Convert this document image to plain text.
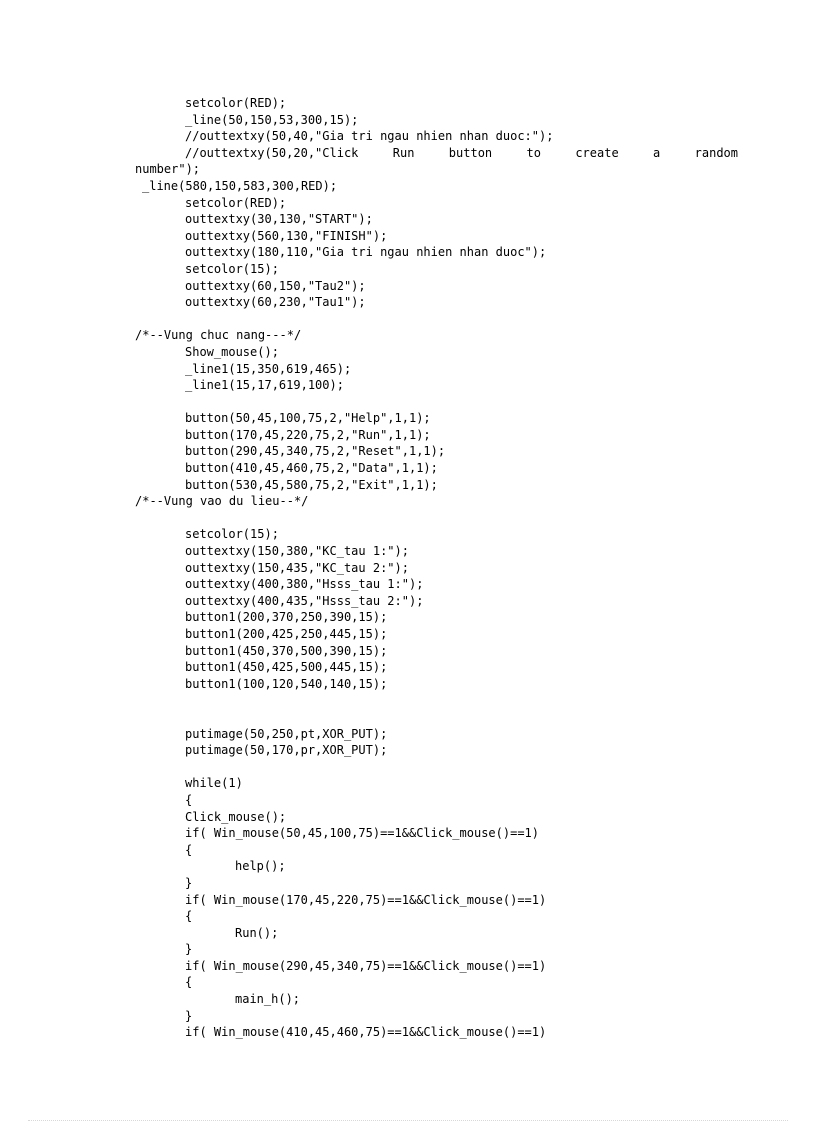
setcolor(RED);
_line(50,150,53,300,15);
//outtextxy(50,40,"Gia tri ngau nhien nhan duoc:");
//outtextxy(50,20,"Click Run button to create a random
number");
_line(580,150,583,300,RED);
setcolor(RED);
outtextxy(30,130,"START");
outtextxy(560,130,"FINISH");
outtextxy(180,110,"Gia tri ngau nhien nhan duoc");
setcolor(15);
outtextxy(60,150,"Tau2");
outtextxy(60,230,"Tau1");
/*--Vung chuc nang---*/
Show_mouse();
_line1(15,350,619,465);
_line1(15,17,619,100);
button(50,45,100,75,2,"Help",1,1);
button(170,45,220,75,2,"Run",1,1);
button(290,45,340,75,2,"Reset",1,1);
button(410,45,460,75,2,"Data",1,1);
button(530,45,580,75,2,"Exit",1,1);
/*--Vung vao du lieu--*/
setcolor(15);
outtextxy(150,380,"KC_tau 1:");
outtextxy(150,435,"KC_tau 2:");
outtextxy(400,380,"Hsss_tau 1:");
outtextxy(400,435,"Hsss_tau 2:");
button1(200,370,250,390,15);
button1(200,425,250,445,15);
button1(450,370,500,390,15);
button1(450,425,500,445,15);
button1(100,120,540,140,15);
putimage(50,250,pt,XOR_PUT);
putimage(50,170,pr,XOR_PUT);
while(1)
{
Click_mouse();
if( Win_mouse(50,45,100,75)==1&&Click_mouse()==1)
{
help();
}
if( Win_mouse(170,45,220,75)==1&&Click_mouse()==1)
{
Run();
}
if( Win_mouse(290,45,340,75)==1&&Click_mouse()==1)
{
main_h();
}
if( Win_mouse(410,45,460,75)==1&&Click_mouse()==1)
